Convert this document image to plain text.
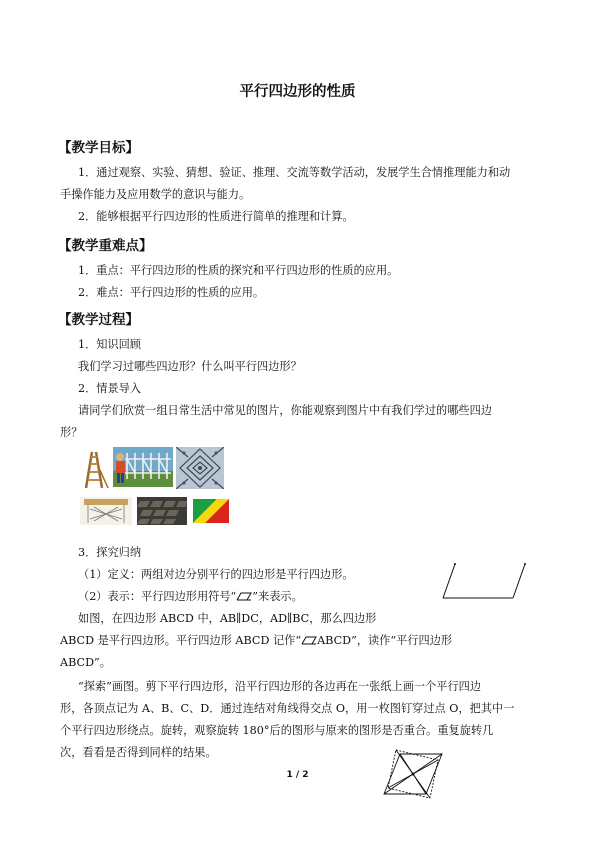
平行四边形的性质
【教学目标】
1．通过观察、实验、猜想、验证、推理、交流等数学活动，发展学生合情推理能力和动
手操作能力及应用数学的意识与能力。
2．能够根据平行四边形的性质进行简单的推理和计算。
【教学重难点】
1．重点：平行四边形的性质的探究和平行四边形的性质的应用。
2．难点：平行四边形的性质的应用。
【教学过程】
1．知识回顾
我们学习过哪些四边形？什么叫平行四边形？
2．情景导入
请同学们欣赏一组日常生活中常见的图片，你能观察到图片中有我们学过的哪些四边
形？
3．探究归纳
（1）定义：两组对边分别平行的四边形是平行四边形。
（2）表示：平行四边形用符号“ ”来表示。
如图，在四边形 ABCD 中，AB∥DC，AD∥BC，那么四边形
ABCD 是平行四边形。平行四边形 ABCD 记作“ ABCD”，读作“平行四边形
ABCD”。
“探索”画图。剪下平行四边形，沿平行四边形的各边再在一张纸上画一个平行四边
形，各顶点记为 A、B、C、D．通过连结对角线得交点 O，用一枚图钉穿过点 O，把其中一
个平行四边形绕点。旋转，观察旋转 180°后的图形与原来的图形是否重合。重复旋转几
次，看看是否得到同样的结果。
1 / 2
